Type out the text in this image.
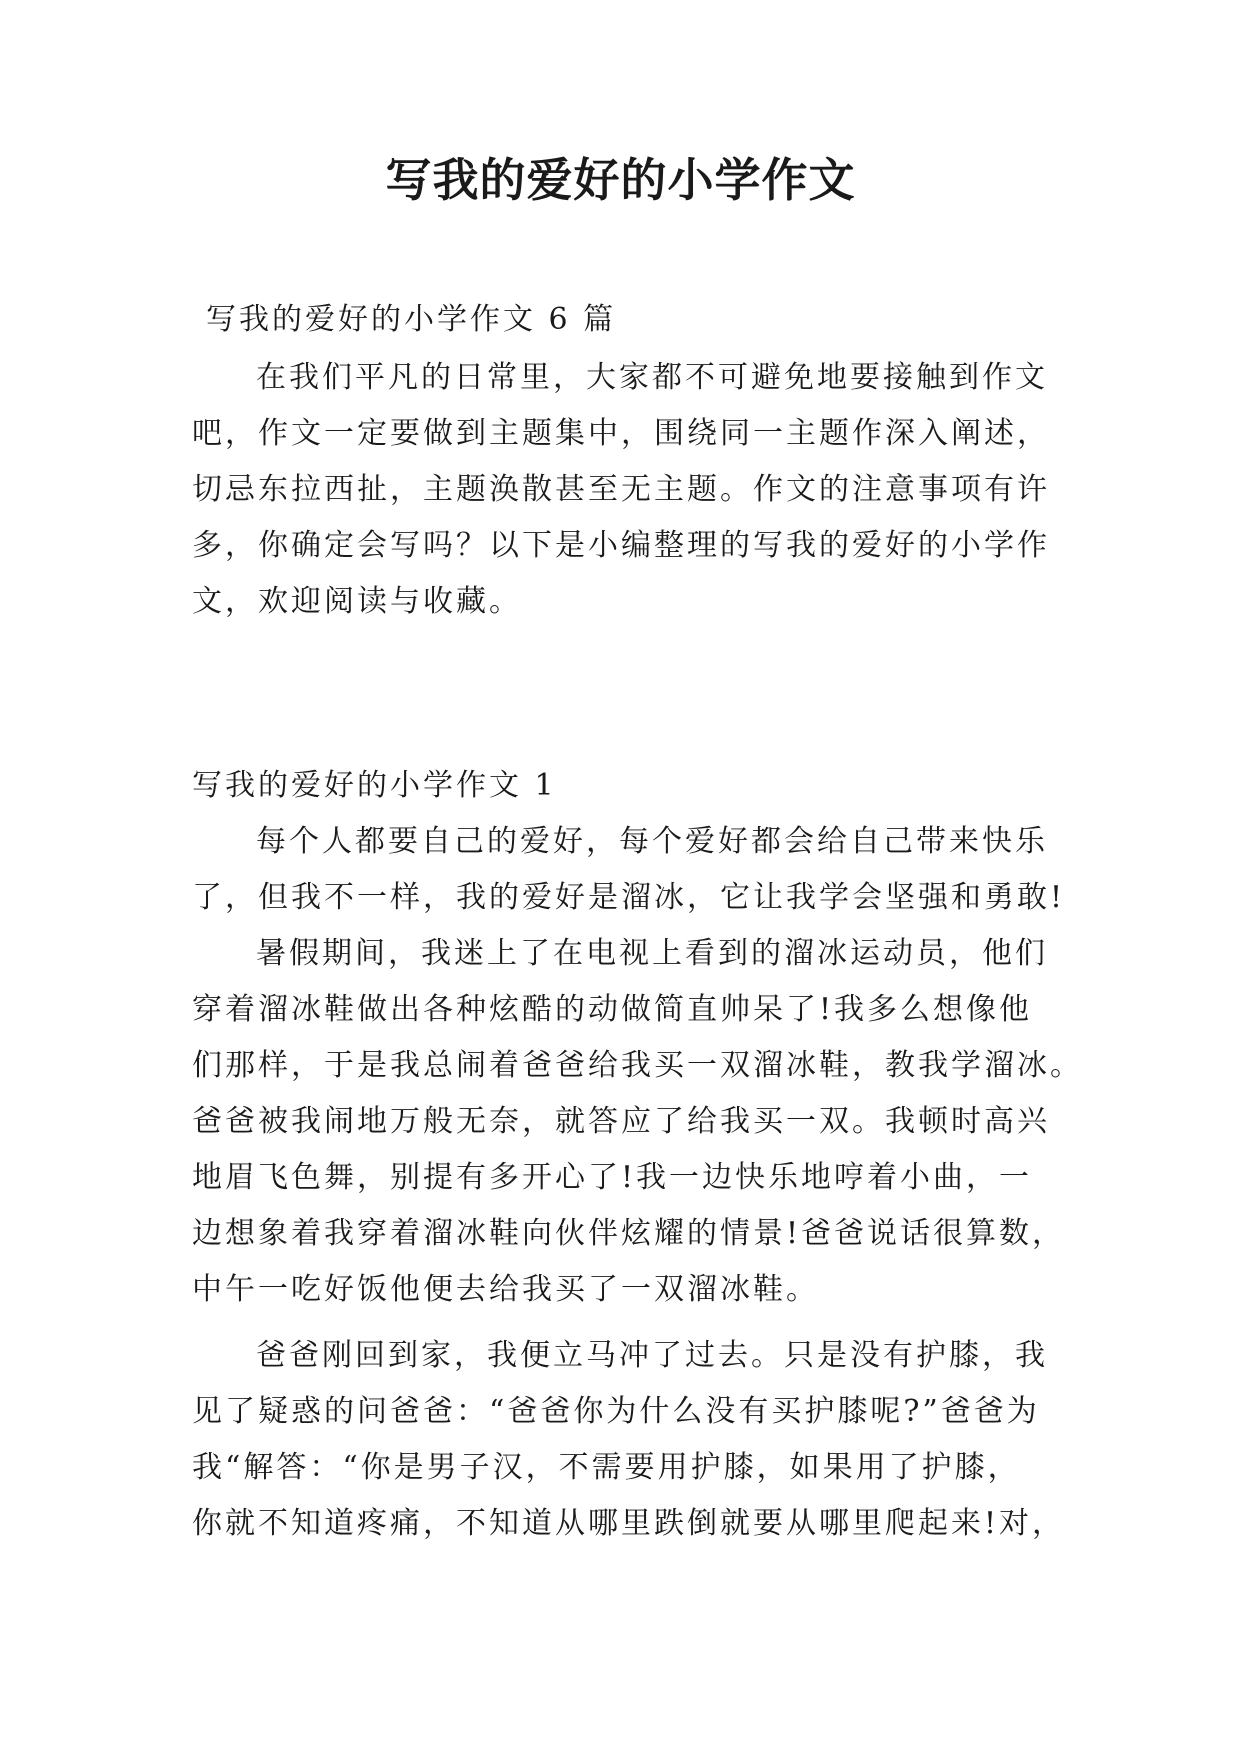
写我的爱好的小学作文

写我的爱好的小学作文 6 篇

在我们平凡的日常里，大家都不可避免地要接触到作文

吧，作文一定要做到主题集中，围绕同一主题作深入阐述，

切忌东拉西扯，主题涣散甚至无主题。作文的注意事项有许

多，你确定会写吗？以下是小编整理的写我的爱好的小学作

文，欢迎阅读与收藏。

写我的爱好的小学作文 1

每个人都要自己的爱好，每个爱好都会给自己带来快乐

了，但我不一样，我的爱好是溜冰，它让我学会坚强和勇敢!

暑假期间，我迷上了在电视上看到的溜冰运动员，他们

穿着溜冰鞋做出各种炫酷的动做简直帅呆了!我多么想像他

们那样，于是我总闹着爸爸给我买一双溜冰鞋，教我学溜冰。

爸爸被我闹地万般无奈，就答应了给我买一双。我顿时高兴

地眉飞色舞，别提有多开心了!我一边快乐地哼着小曲，一

边想象着我穿着溜冰鞋向伙伴炫耀的情景!爸爸说话很算数，

中午一吃好饭他便去给我买了一双溜冰鞋。

爸爸刚回到家，我便立马冲了过去。只是没有护膝，我

见了疑惑的问爸爸：“爸爸你为什么没有买护膝呢?”爸爸为

我“解答：“你是男子汉，不需要用护膝，如果用了护膝，

你就不知道疼痛，不知道从哪里跌倒就要从哪里爬起来!对，
